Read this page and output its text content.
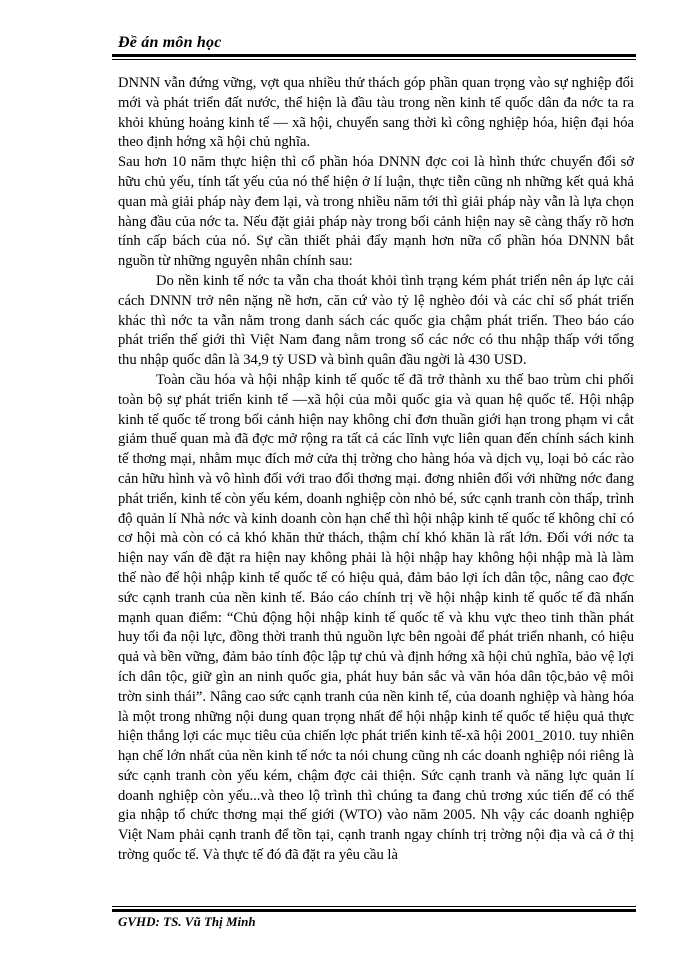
Đề án môn học

DNNN vẫn đứng vững, vợt qua nhiều thử thách góp phần quan trọng vào sự nghiệp đổi mới và phát triển đất nước, thể hiện là đầu tàu trong nền kinh tế quốc dân đa nớc ta ra khỏi khủng hoảng kinh tế — xã hội, chuyển sang thời kì công nghiệp hóa, hiện đại hóa theo định hớng xã hội chủ nghĩa.

Sau hơn 10 năm thực hiện thì cổ phần hóa DNNN đợc coi là hình thức chuyển đổi sở hữu chủ yếu, tính tất yếu của nó thể hiện ở lí luận, thực tiễn cũng nh những kết quả khả quan mà giải pháp này đem lại, và trong nhiều năm tới thì giải pháp này vẫn là lựa chọn hàng đầu của nớc ta. Nếu đặt giải pháp này trong bối cảnh hiện nay sẽ càng thấy rõ hơn tính cấp bách của nó. Sự cần thiết phải đẩy mạnh hơn nữa cổ phần hóa DNNN bắt nguồn từ những nguyên nhân chính sau:

Do nền kinh tế nớc ta vẫn cha thoát khỏi tình trạng kém phát triển nên áp lực cải cách DNNN trở nên nặng nề hơn, căn cứ vào tỷ lệ nghèo đói và các chỉ số phát triển khác thì nớc ta vẫn nằm trong danh sách các quốc gia chậm phát triển. Theo báo cáo phát triển thế giới thì Việt Nam đang nằm trong số các nớc có thu nhập thấp với tổng thu nhập quốc dân là 34,9 tỷ USD và bình quân đầu ngời là 430 USD.

Toàn cầu hóa và hội nhập kinh tế quốc tế đã trở thành xu thế bao trùm chi phối toàn bộ sự phát triển kinh tế —xã hội của mỗi quốc gia và quan hệ quốc tế. Hội nhập kinh tế quốc tế trong bối cảnh hiện nay không chỉ đơn thuần giới hạn trong phạm vi cắt giảm thuế quan mà đã đợc mở rộng ra tất cả các lĩnh vực liên quan đến chính sách kinh tế thơng mại, nhằm mục đích mở cửa thị trờng cho hàng hóa và dịch vụ, loại bỏ các rào cản hữu hình và vô hình đối với trao đổi thơng mại. đơng nhiên đối với những nớc đang phát triển, kinh tế còn yếu kém, doanh nghiệp còn nhỏ bé, sức cạnh tranh còn thấp, trình độ quản lí Nhà nớc và kinh doanh còn hạn chế thì hội nhập kinh tế quốc tế không chỉ có cơ hội mà còn có cả khó khăn thử thách, thậm chí khó khăn là rất lớn. Đối với nớc ta hiện nay vấn đề đặt ra hiện nay không phải là hội nhập hay không hội nhập mà là làm thế nào để hội nhập kinh tế quốc tế có hiệu quả, đảm bảo lợi ích dân tộc, nâng cao đợc sức cạnh tranh của nền kinh tế. Báo cáo chính trị về hội nhập kinh tế quốc tế đã nhấn mạnh quan điểm: “Chủ động hội nhập kinh tế quốc tế và khu vực theo tinh thần phát huy tối đa nội lực, đồng thời tranh thủ nguồn lực bên ngoài để phát triển nhanh, có hiệu quả và bền vững, đảm bảo tính độc lập tự chủ và định hớng xã hội chủ nghĩa, bảo vệ lợi ích dân tộc, giữ gìn an ninh quốc gia, phát huy bản sắc và văn hóa dân tộc,bảo vệ môi trờn sinh thái”. Nâng cao sức cạnh tranh của nền kinh tế, của doanh nghiệp và hàng hóa là một trong những nội dung quan trọng nhất để hội nhập kinh tế quốc tế hiệu quả thực hiện thắng lợi các mục tiêu của chiến lợc phát triển kinh tế-xã hội 2001_2010. tuy nhiên hạn chế lớn nhất của nền kinh tế nớc ta nói chung cũng nh các doanh nghiệp nói riêng là sức cạnh tranh còn yếu kém, chậm đợc cải thiện. Sức cạnh tranh và năng lực quản lí doanh nghiệp còn yếu...và theo lộ trình thì chúng ta đang chủ trơng xúc tiến để có thể gia nhập tổ chức thơng mại thế giới (WTO) vào năm 2005. Nh vậy các doanh nghiệp Việt Nam phải cạnh tranh để tồn tại, cạnh tranh ngay chính trị trờng nội địa và cả ở thị trờng quốc tế. Và thực tế đó đã đặt ra yêu cầu là

GVHD: TS. Vũ Thị Minh
